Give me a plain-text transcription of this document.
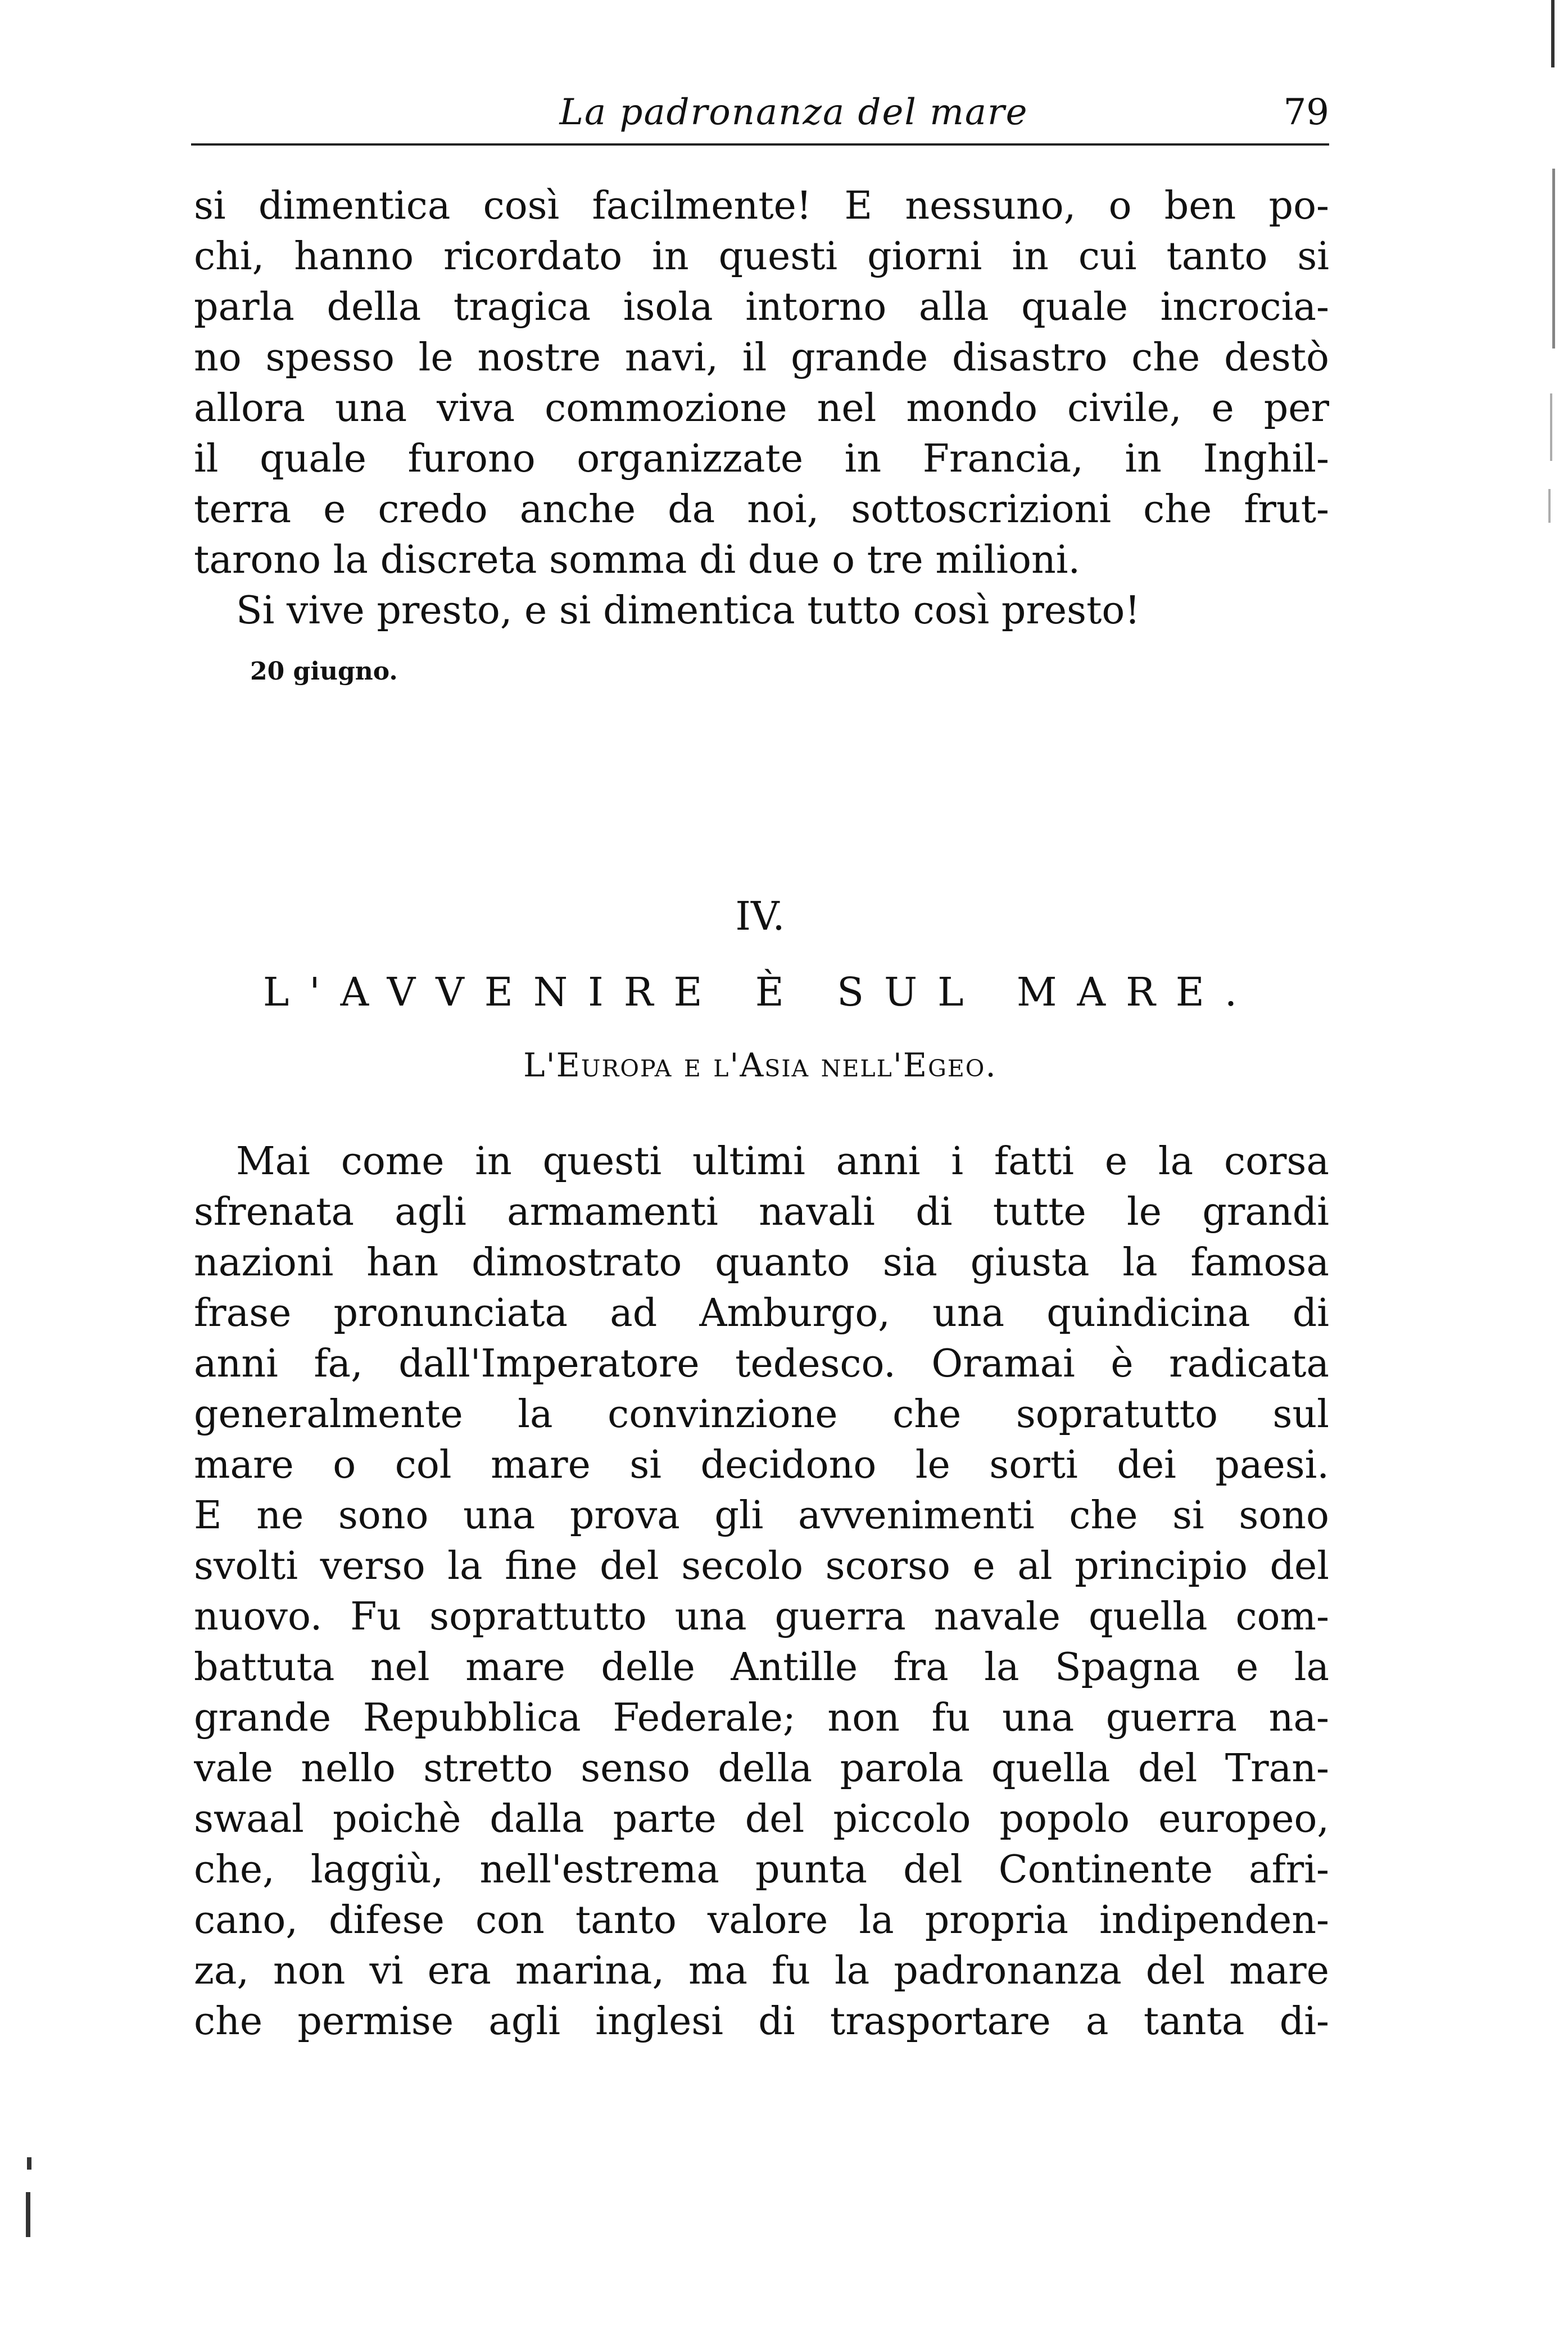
La padronanza del mare	79
si dimentica così facilmente! E nessuno, o ben po-
chi, hanno ricordato in questi giorni in cui tanto si
parla della tragica isola intorno alla quale incrocia-
no spesso le nostre navi, il grande disastro che destò
allora una viva commozione nel mondo civile, e per
il quale furono organizzate in Francia, in Inghil-
terra e credo anche da noi, sottoscrizioni che frut-
tarono la discreta somma di due o tre milioni.
Si vive presto, e si dimentica tutto così presto!
20 giugno.
IV.
L'AVVENIRE È SUL MARE.
L'Europa e l'Asia nell'Egeo.
Mai come in questi ultimi anni i fatti e la corsa
sfrenata agli armamenti navali di tutte le grandi
nazioni han dimostrato quanto sia giusta la famosa
frase pronunciata ad Amburgo, una quindicina di
anni fa, dall'Imperatore tedesco. Oramai è radicata
generalmente la convinzione che sopratutto sul
mare o col mare si decidono le sorti dei paesi.
E ne sono una prova gli avvenimenti che si sono
svolti verso la fine del secolo scorso e al principio del
nuovo. Fu soprattutto una guerra navale quella com-
battuta nel mare delle Antille fra la Spagna e la
grande Repubblica Federale; non fu una guerra na-
vale nello stretto senso della parola quella del Tran-
swaal poichè dalla parte del piccolo popolo europeo,
che, laggiù, nell'estrema punta del Continente afri-
cano, difese con tanto valore la propria indipenden-
za, non vi era marina, ma fu la padronanza del mare
che permise agli inglesi di trasportare a tanta di-
